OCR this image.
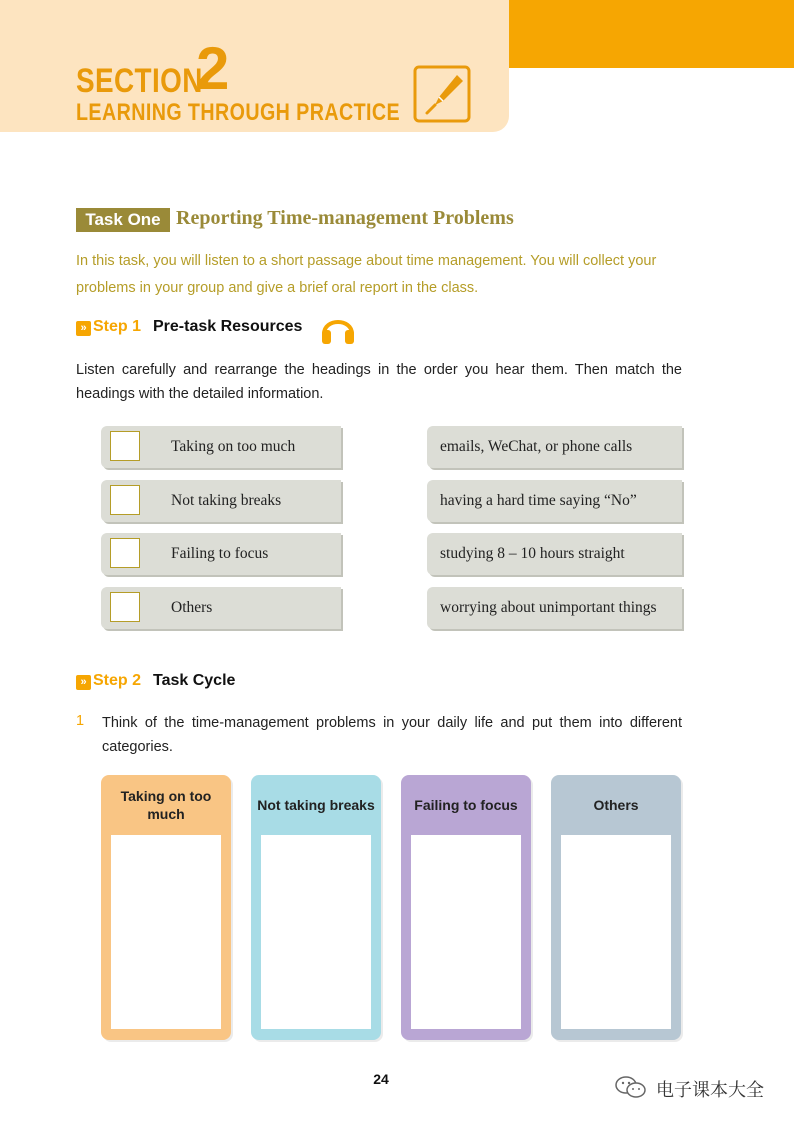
SECTION
2
LEARNING THROUGH PRACTICE
Task One Reporting Time-management Problems
In this task, you will listen to a short passage about time management. You will collect your problems in your group and give a brief oral report in the class.
» Step 1 Pre-task Resources
Listen carefully and rearrange the headings in the order you hear them. Then match the headings with the detailed information.
Taking on too much
Not taking breaks
Failing to focus
Others
emails, WeChat, or phone calls
having a hard time saying “No”
studying 8 – 10 hours straight
worrying about unimportant things
» Step 2 Task Cycle
1 Think of the time-management problems in your daily life and put them into different categories.
Taking on too much
Not taking breaks	Failing to focus	Others
24
电子课本大全
